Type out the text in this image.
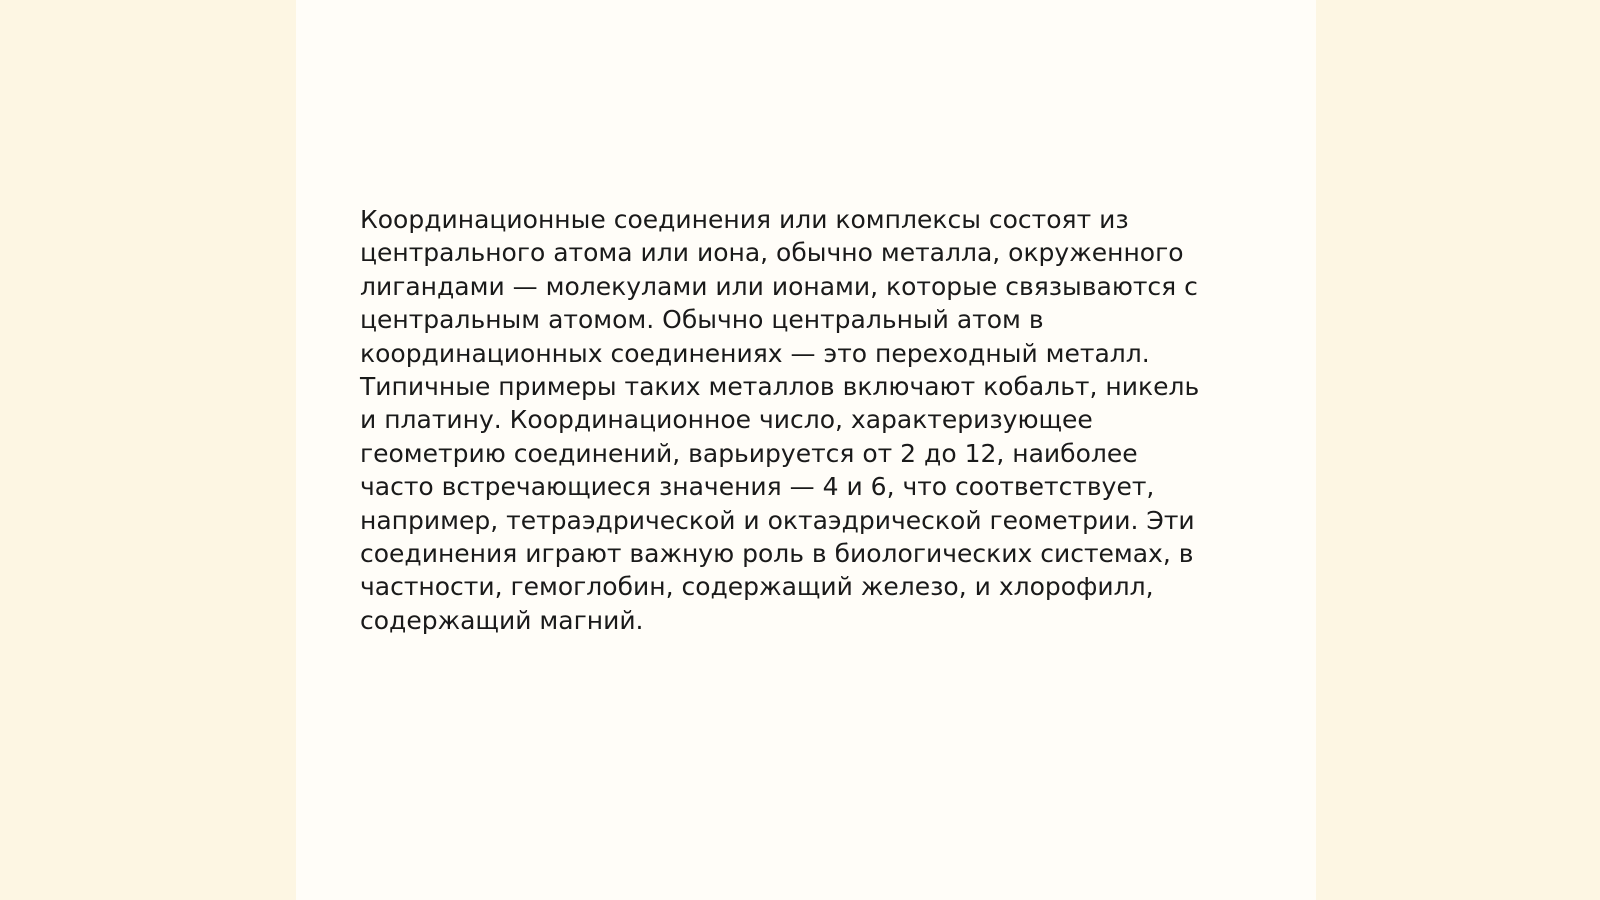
Координационные соединения или комплексы состоят из
центрального атома или иона, обычно металла, окруженного
лигандами — молекулами или ионами, которые связываются с
центральным атомом. Обычно центральный атом в
координационных соединениях — это переходный металл.
Типичные примеры таких металлов включают кобальт, никель
и платину. Координационное число, характеризующее
геометрию соединений, варьируется от 2 до 12, наиболее
часто встречающиеся значения — 4 и 6, что соответствует,
например, тетраэдрической и октаэдрической геометрии. Эти
соединения играют важную роль в биологических системах, в
частности, гемоглобин, содержащий железо, и хлорофилл,
содержащий магний.
